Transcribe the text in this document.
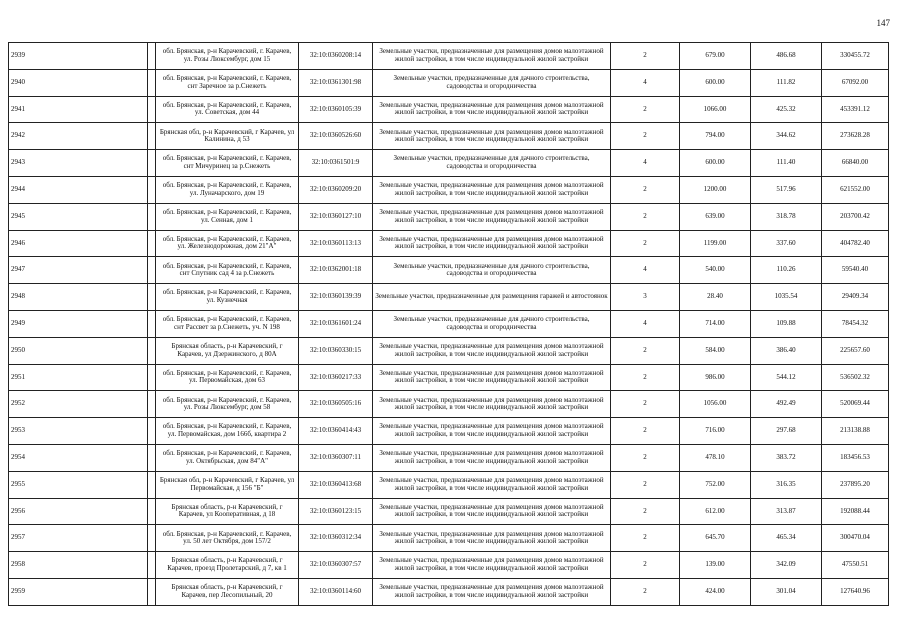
147
2939		обл. Брянская, р-н Карачевский, г. Карачев, ул. Розы Люксембург, дом 15	32:10:0360208:14	Земельные участки, предназначенные для размещения домов малоэтажной жилой застройки, в том числе индивидуальной жилой застройки	2	679.00	486.68	330455.72
2940		обл. Брянская, р-н Карачевский, г. Карачев, снт Заречное за р.Снежеть	32:10:0361301:98	Земельные участки, предназначенные для дачного строительства, садоводства и огородничества	4	600.00	111.82	67092.00
2941		обл. Брянская, р-н Карачевский, г. Карачев, ул. Советская, дом 44	32:10:0360105:39	Земельные участки, предназначенные для размещения домов малоэтажной жилой застройки, в том числе индивидуальной жилой застройки	2	1066.00	425.32	453391.12
2942		Брянская обл, р-н Карачевский, г Карачев, ул Калинина, д 53	32:10:0360526:60	Земельные участки, предназначенные для размещения домов малоэтажной жилой застройки, в том числе индивидуальной жилой застройки	2	794.00	344.62	273628.28
2943		обл. Брянская, р-н Карачевский, г. Карачев, снт Мичуринец за р.Снежеть	32:10:0361501:9	Земельные участки, предназначенные для дачного строительства, садоводства и огородничества	4	600.00	111.40	66840.00
2944		обл. Брянская, р-н Карачевский, г. Карачев, ул. Луначарского, дом 19	32:10:0360209:20	Земельные участки, предназначенные для размещения домов малоэтажной жилой застройки, в том числе индивидуальной жилой застройки	2	1200.00	517.96	621552.00
2945		обл. Брянская, р-н Карачевский, г. Карачев, ул. Сенная, дом 1	32:10:0360127:10	Земельные участки, предназначенные для размещения домов малоэтажной жилой застройки, в том числе индивидуальной жилой застройки	2	639.00	318.78	203700.42
2946		обл. Брянская, р-н Карачевский, г. Карачев, ул. Железнодорожная, дом 21"А"	32:10:0360113:13	Земельные участки, предназначенные для размещения домов малоэтажной жилой застройки, в том числе индивидуальной жилой застройки	2	1199.00	337.60	404782.40
2947		обл. Брянская, р-н Карачевский, г. Карачев, снт Спутник сад 4 за р.Снежеть	32:10:0362001:18	Земельные участки, предназначенные для дачного строительства, садоводства и огородничества	4	540.00	110.26	59540.40
2948		обл. Брянская, р-н Карачевский, г. Карачев, ул. Кузнечная	32:10:0360139:39	Земельные участки, предназначенные для размещения гаражей и автостоянок	3	28.40	1035.54	29409.34
2949		обл. Брянская, р-н Карачевский, г. Карачев, снт Рассвет за р.Снежеть, уч. N 198	32:10:0361601:24	Земельные участки, предназначенные для дачного строительства, садоводства и огородничества	4	714.00	109.88	78454.32
2950		Брянская область, р-н Карачевский, г Карачев, ул Дзержинского, д 80А	32:10:0360330:15	Земельные участки, предназначенные для размещения домов малоэтажной жилой застройки, в том числе индивидуальной жилой застройки	2	584.00	386.40	225657.60
2951		обл. Брянская, р-н Карачевский, г. Карачев, ул. Первомайская, дом 63	32:10:0360217:33	Земельные участки, предназначенные для размещения домов малоэтажной жилой застройки, в том числе индивидуальной жилой застройки	2	986.00	544.12	536502.32
2952		обл. Брянская, р-н Карачевский, г. Карачев, ул. Розы Люксембург, дом 58	32:10:0360505:16	Земельные участки, предназначенные для размещения домов малоэтажной жилой застройки, в том числе индивидуальной жилой застройки	2	1056.00	492.49	520069.44
2953		обл. Брянская, р-н Карачевский, г. Карачев, ул. Первомайская, дом 166б, квартира 2	32:10:0360414:43	Земельные участки, предназначенные для размещения домов малоэтажной жилой застройки, в том числе индивидуальной жилой застройки	2	716.00	297.68	213138.88
2954		обл. Брянская, р-н Карачевский, г. Карачев, ул. Октябрьская, дом 84"А"	32:10:0360307:11	Земельные участки, предназначенные для размещения домов малоэтажной жилой застройки, в том числе индивидуальной жилой застройки	2	478.10	383.72	183456.53
2955		Брянская обл, р-н Карачевский, г Карачев, ул Первомайская, д 156 "Б"	32:10:0360413:68	Земельные участки, предназначенные для размещения домов малоэтажной жилой застройки, в том числе индивидуальной жилой застройки	2	752.00	316.35	237895.20
2956		Брянская область, р-н Карачевский, г Карачев, ул Кооперативная, д 18	32:10:0360123:15	Земельные участки, предназначенные для размещения домов малоэтажной жилой застройки, в том числе индивидуальной жилой застройки	2	612.00	313.87	192088.44
2957		обл. Брянская, р-н Карачевский, г. Карачев, ул. 50 лет Октября, дом 157/2	32:10:0360312:34	Земельные участки, предназначенные для размещения домов малоэтажной жилой застройки, в том числе индивидуальной жилой застройки	2	645.70	465.34	300470.04
2958		Брянская область, р-н Карачевский, г Карачев, проезд Пролетарский, д 7, кв 1	32:10:0360307:57	Земельные участки, предназначенные для размещения домов малоэтажной жилой застройки, в том числе индивидуальной жилой застройки	2	139.00	342.09	47550.51
2959		Брянская область, р-н Карачевский, г Карачев, пер Лесопильный, 20	32:10:0360114:60	Земельные участки, предназначенные для размещения домов малоэтажной жилой застройки, в том числе индивидуальной жилой застройки	2	424.00	301.04	127640.96
